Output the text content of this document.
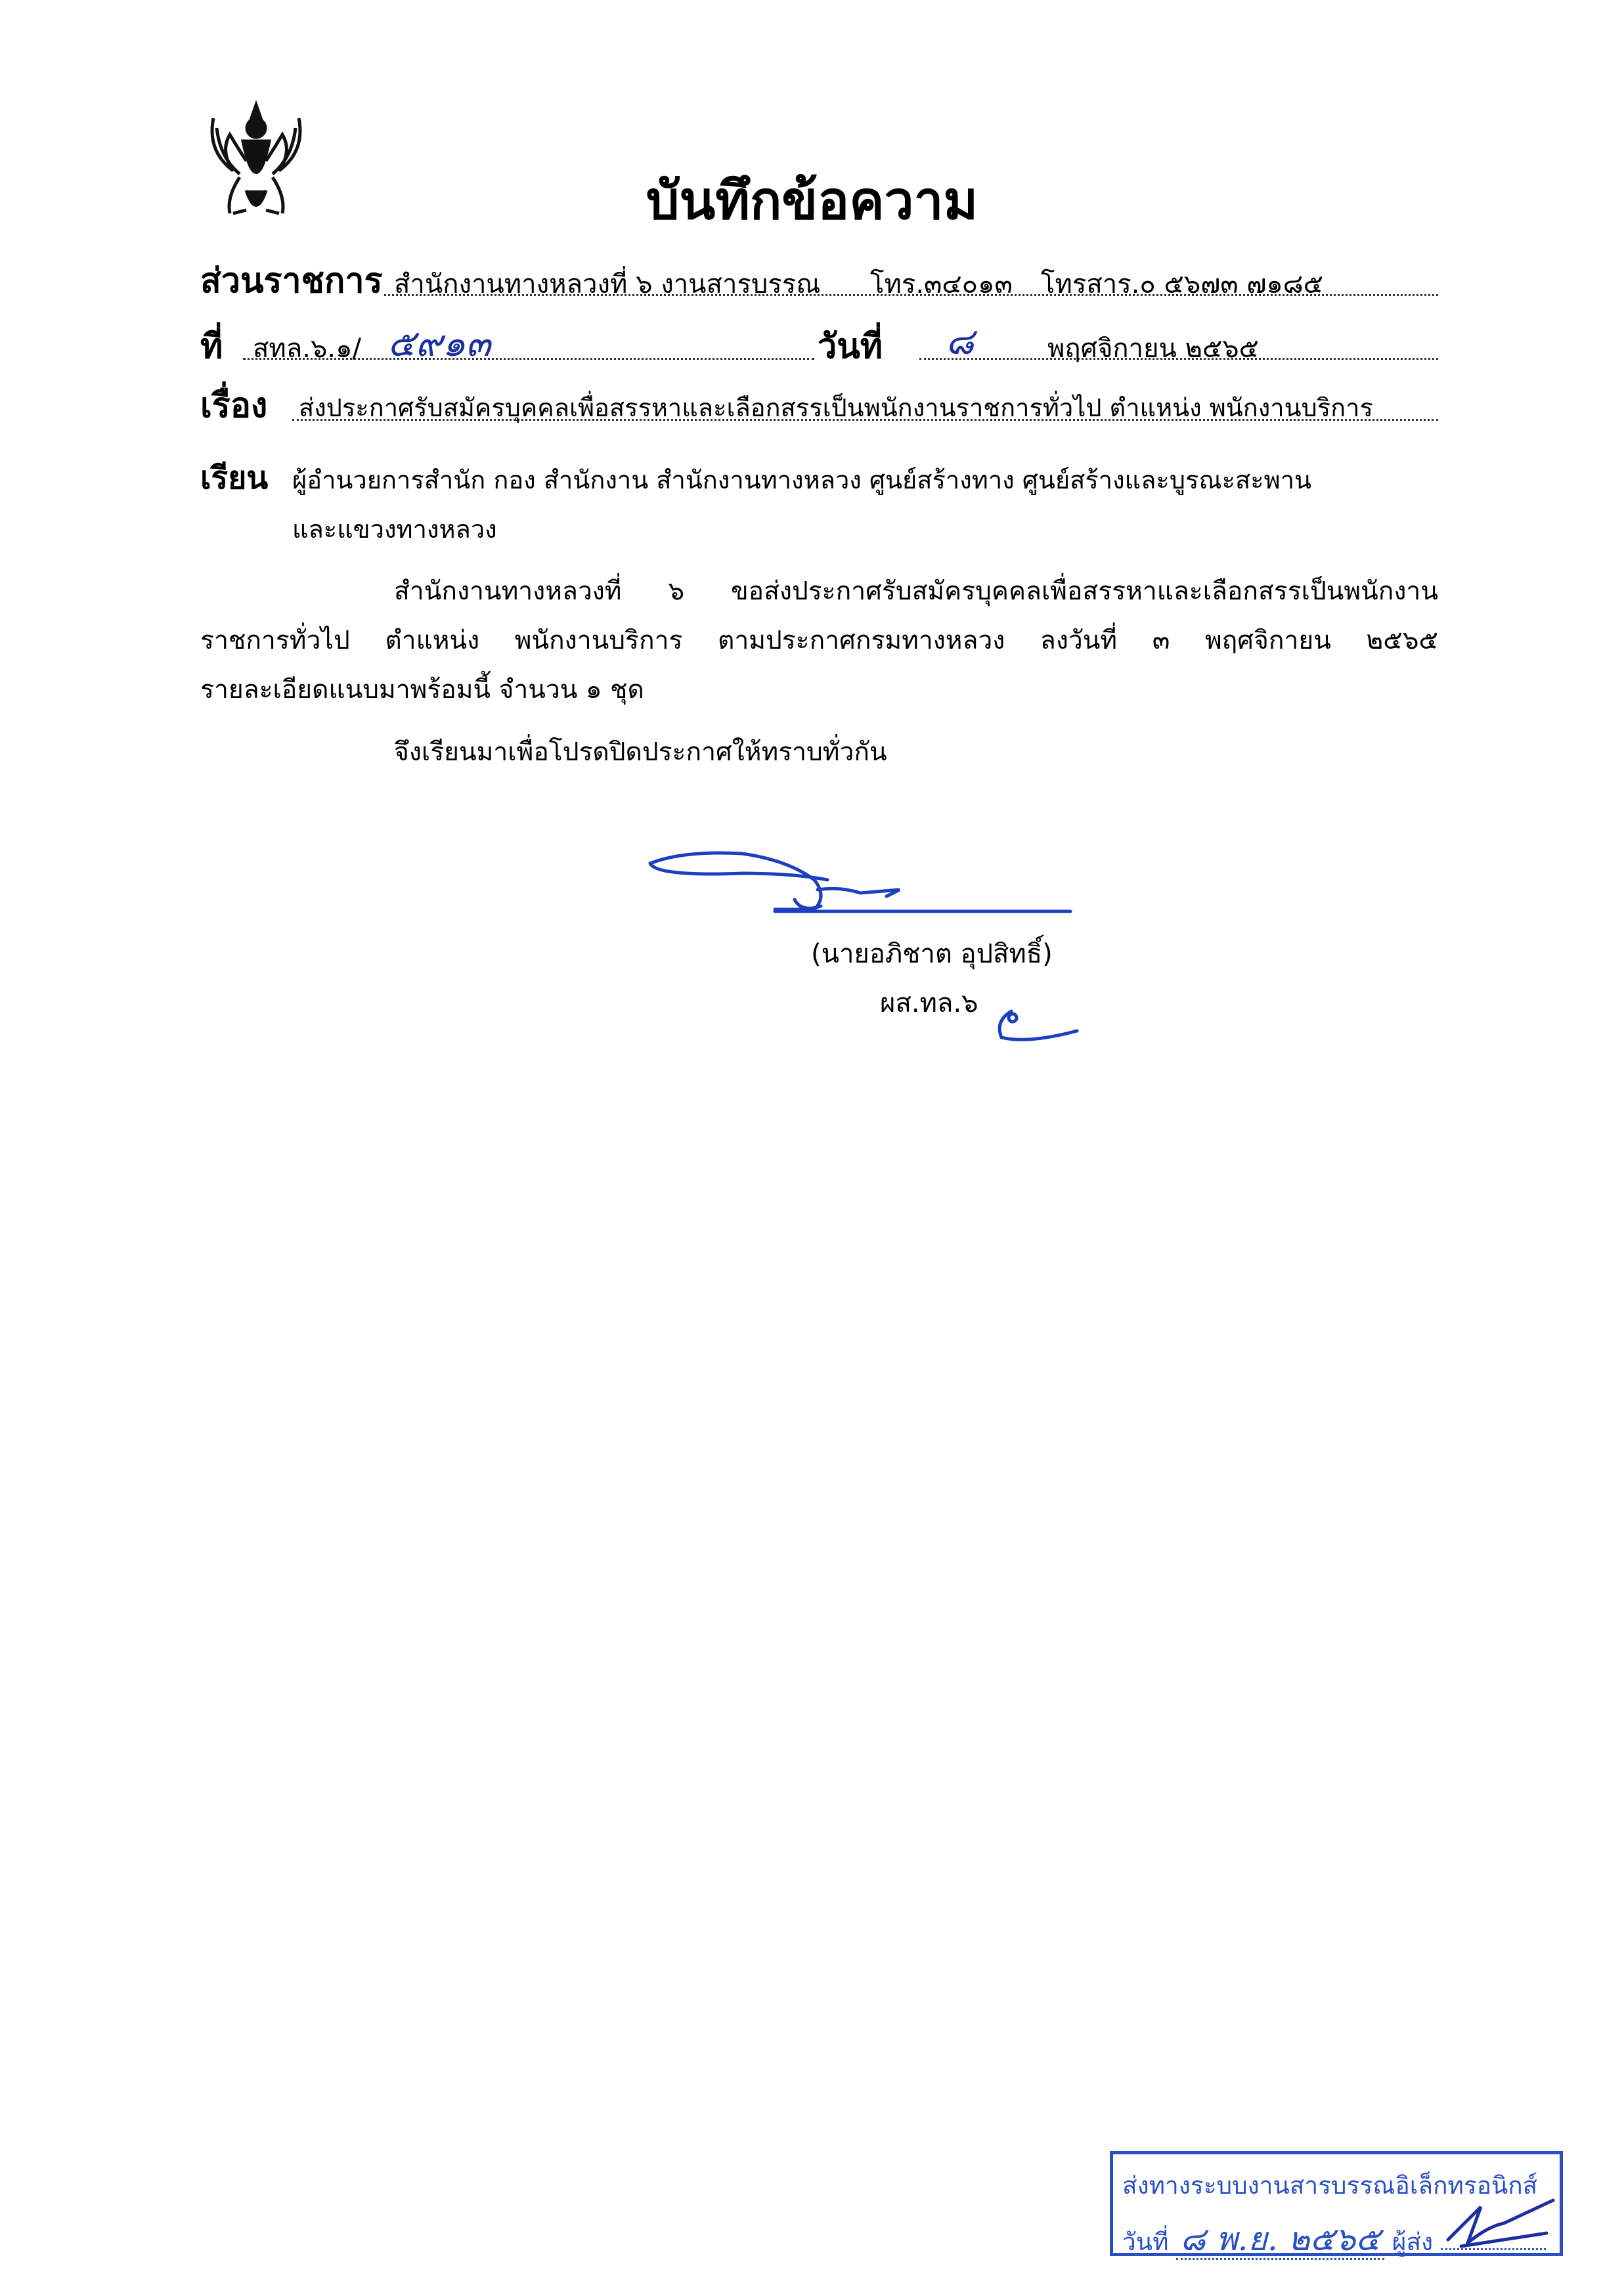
บันทึกข้อความ
ส่วนราชการ สำนักงานทางหลวงที่ ๖ งานสารบรรณ โทร.๓๔๐๑๓ โทรสาร.๐ ๕๖๗๓ ๗๑๘๕
ที่ สทล.๖.๑/ ๕๙๑๓	วันที่ ๘	พฤศจิกายน ๒๕๖๕
เรื่อง ส่งประกาศรับสมัครบุคคลเพื่อสรรหาและเลือกสรรเป็นพนักงานราชการทั่วไป ตำแหน่ง พนักงานบริการ
เรียน ผู้อำนวยการสำนัก กอง สำนักงาน สำนักงานทางหลวง ศูนย์สร้างทาง ศูนย์สร้างและบูรณะสะพาน
และแขวงทางหลวง
สำนักงานทางหลวงที่ ๖ ขอส่งประกาศรับสมัครบุคคลเพื่อสรรหาและเลือกสรรเป็นพนักงาน
ราชการทั่วไป ตำแหน่ง พนักงานบริการ ตามประกาศกรมทางหลวง ลงวันที่ ๓ พฤศจิกายน ๒๕๖๕
รายละเอียดแนบมาพร้อมนี้ จำนวน ๑ ชุด
จึงเรียนมาเพื่อโปรดปิดประกาศให้ทราบทั่วกัน
(นายอภิชาต อุปสิทธิ์)
ผส.ทล.๖
ส่งทางระบบงานสารบรรณอิเล็กทรอนิกส์
วันที่ ๘ พ.ย. ๒๕๖๕ ผู้ส่ง
